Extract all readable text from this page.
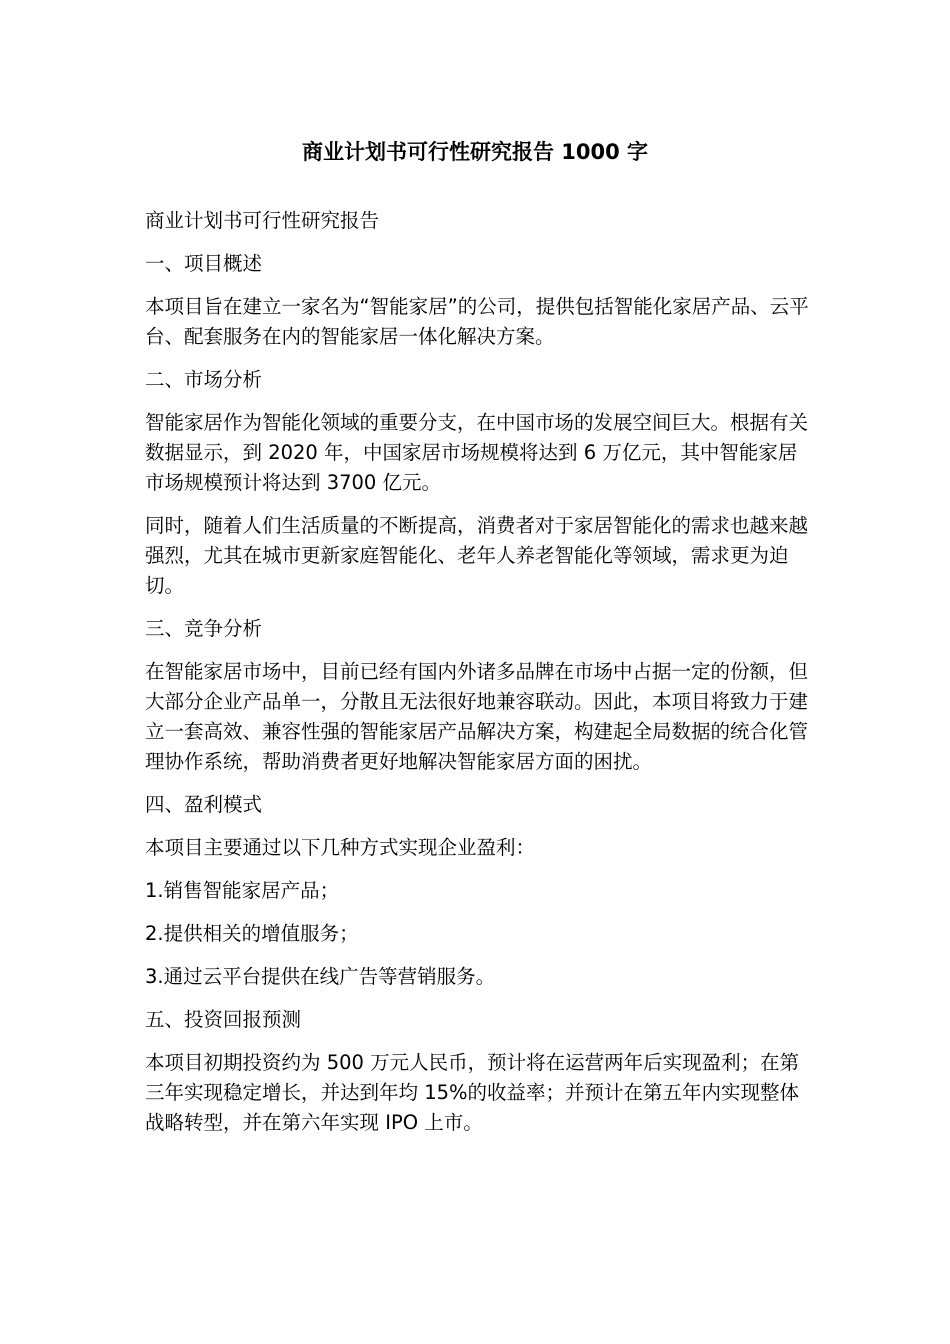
商业计划书可行性研究报告 1000 字

商业计划书可行性研究报告

一、项目概述

本项目旨在建立一家名为“智能家居”的公司，提供包括智能化家居产品、云平台、配套服务在内的智能家居一体化解决方案。

二、市场分析

智能家居作为智能化领域的重要分支，在中国市场的发展空间巨大。根据有关数据显示，到 2020 年，中国家居市场规模将达到 6 万亿元，其中智能家居市场规模预计将达到 3700 亿元。

同时，随着人们生活质量的不断提高，消费者对于家居智能化的需求也越来越强烈，尤其在城市更新家庭智能化、老年人养老智能化等领域，需求更为迫切。

三、竞争分析

在智能家居市场中，目前已经有国内外诸多品牌在市场中占据一定的份额，但大部分企业产品单一，分散且无法很好地兼容联动。因此，本项目将致力于建立一套高效、兼容性强的智能家居产品解决方案，构建起全局数据的统合化管理协作系统，帮助消费者更好地解决智能家居方面的困扰。

四、盈利模式

本项目主要通过以下几种方式实现企业盈利：

1.销售智能家居产品；

2.提供相关的增值服务；

3.通过云平台提供在线广告等营销服务。

五、投资回报预测

本项目初期投资约为 500 万元人民币，预计将在运营两年后实现盈利；在第三年实现稳定增长，并达到年均 15%的收益率；并预计在第五年内实现整体战略转型，并在第六年实现 IPO 上市。
